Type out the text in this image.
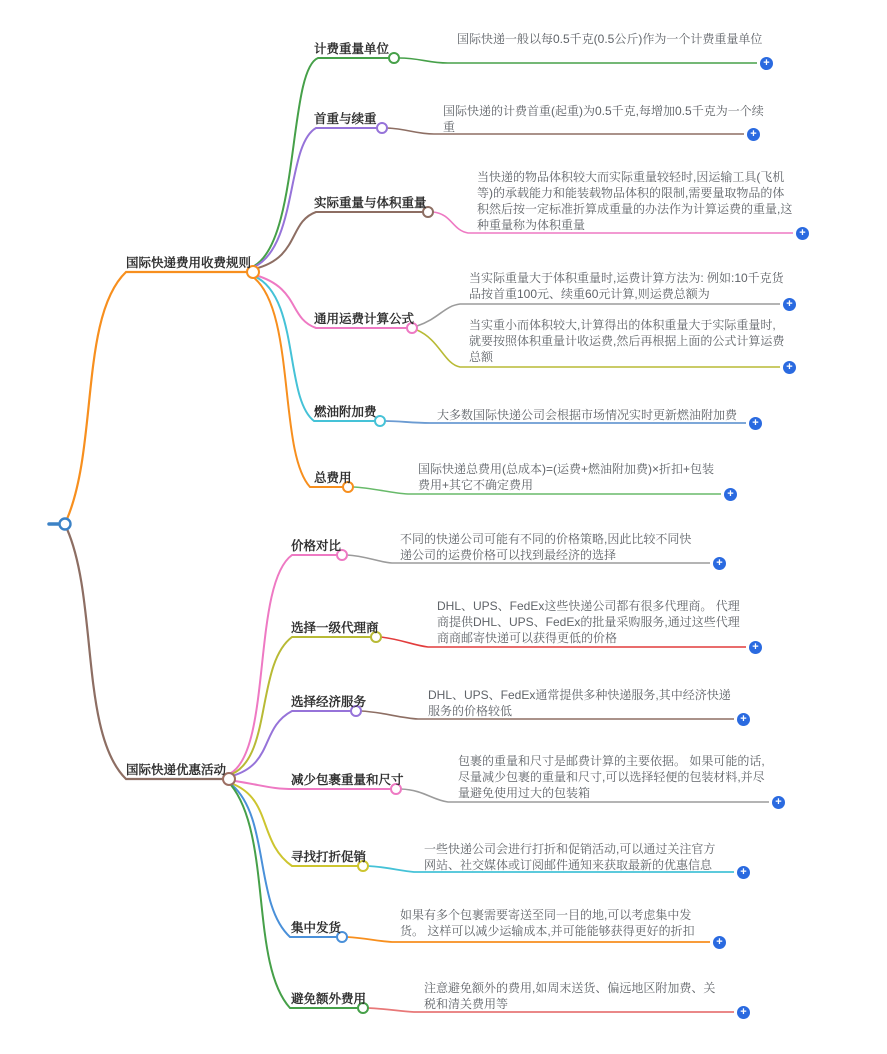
国际快递费用收费规则
国际快递优惠活动
计费重量单位
首重与续重
实际重量与体积重量
通用运费计算公式
燃油附加费
总费用
价格对比
选择一级代理商
选择经济服务
减少包裹重量和尺寸
寻找打折促销
集中发货
避免额外费用
国际快递一般以每0.5千克(0.5公斤)作为一个计费重量单位
国际快递的计费首重(起重)为0.5千克,每增加0.5千克为一个续重
当快递的物品体积较大而实际重量较轻时,因运输工具(飞机等)的承载能力和能装载物品体积的限制,需要量取物品的体积然后按一定标准折算成重量的办法作为计算运费的重量,这种重量称为体积重量
当实际重量大于体积重量时,运费计算方法为: 例如:10千克货品按首重100元、续重60元计算,则运费总额为
当实重小而体积较大,计算得出的体积重量大于实际重量时,就要按照体积重量计收运费,然后再根据上面的公式计算运费总额
大多数国际快递公司会根据市场情况实时更新燃油附加费
国际快递总费用(总成本)=(运费+燃油附加费)×折扣+包装费用+其它不确定费用
不同的快递公司可能有不同的价格策略,因此比较不同快递公司的运费价格可以找到最经济的选择
DHL、UPS、FedEx这些快递公司都有很多代理商。 代理商提供DHL、UPS、FedEx的批量采购服务,通过这些代理商商邮寄快递可以获得更低的价格
DHL、UPS、FedEx通常提供多种快递服务,其中经济快递服务的价格较低
包裹的重量和尺寸是邮费计算的主要依据。 如果可能的话,尽量减少包裹的重量和尺寸,可以选择轻便的包装材料,并尽量避免使用过大的包装箱
一些快递公司会进行打折和促销活动,可以通过关注官方网站、社交媒体或订阅邮件通知来获取最新的优惠信息
如果有多个包裹需要寄送至同一目的地,可以考虑集中发货。 这样可以减少运输成本,并可能能够获得更好的折扣
注意避免额外的费用,如周末送货、偏远地区附加费、关税和清关费用等
+
+
+
+
+
+
+
+
+
+
+
+
+
+
